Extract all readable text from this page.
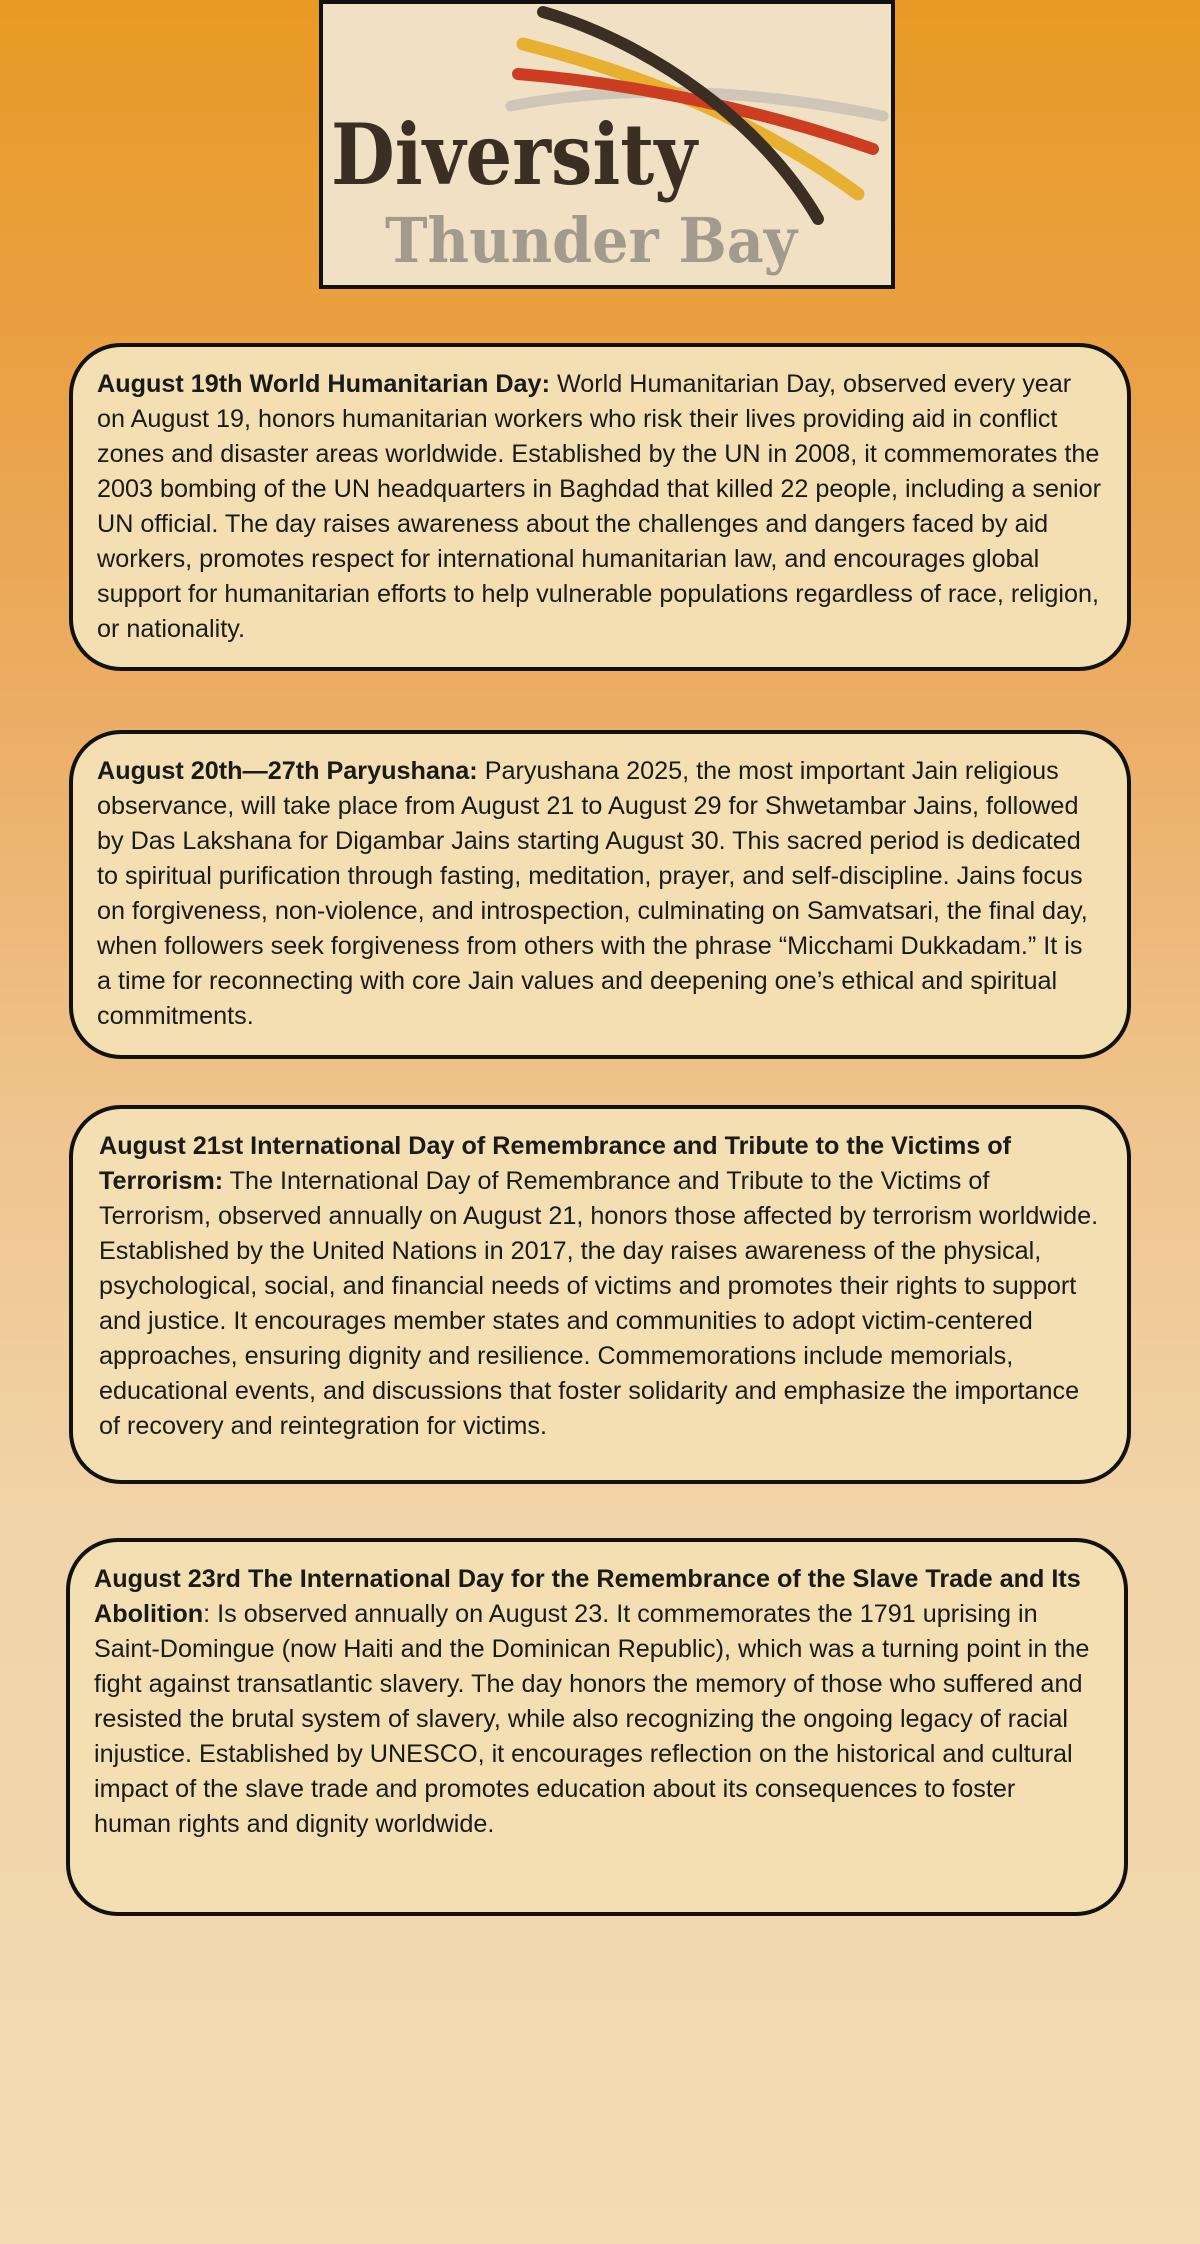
Diversity
Thunder Bay
August 19th World Humanitarian Day: World Humanitarian Day, observed every year on August 19, honors humanitarian workers who risk their lives providing aid in conflict zones and disaster areas worldwide. Established by the UN in 2008, it commemorates the 2003 bombing of the UN headquarters in Baghdad that killed 22 people, including a senior UN official. The day raises awareness about the challenges and dangers faced by aid workers, promotes respect for international humanitarian law, and encourages global support for humanitarian efforts to help vulnerable populations regardless of race, religion, or nationality.
August 20th—27th Paryushana: Paryushana 2025, the most important Jain religious observance, will take place from August 21 to August 29 for Shwetambar Jains, followed by Das Lakshana for Digambar Jains starting August 30. This sacred period is dedicated to spiritual purification through fasting, meditation, prayer, and self-discipline. Jains focus on forgiveness, non-violence, and introspection, culminating on Samvatsari, the final day, when followers seek forgiveness from others with the phrase “Micchami Dukkadam.” It is a time for reconnecting with core Jain values and deepening one’s ethical and spiritual commitments.
August 21st International Day of Remembrance and Tribute to the Victims of Terrorism: The International Day of Remembrance and Tribute to the Victims of Terrorism, observed annually on August 21, honors those affected by terrorism worldwide. Established by the United Nations in 2017, the day raises awareness of the physical, psychological, social, and financial needs of victims and promotes their rights to support and justice. It encourages member states and communities to adopt victim-centered approaches, ensuring dignity and resilience. Commemorations include memorials, educational events, and discussions that foster solidarity and emphasize the importance of recovery and reintegration for victims.
August 23rd The International Day for the Remembrance of the Slave Trade and Its Abolition: Is observed annually on August 23. It commemorates the 1791 uprising in Saint-Domingue (now Haiti and the Dominican Republic), which was a turning point in the fight against transatlantic slavery. The day honors the memory of those who suffered and resisted the brutal system of slavery, while also recognizing the ongoing legacy of racial injustice. Established by UNESCO, it encourages reflection on the historical and cultural impact of the slave trade and promotes education about its consequences to foster human rights and dignity worldwide.
